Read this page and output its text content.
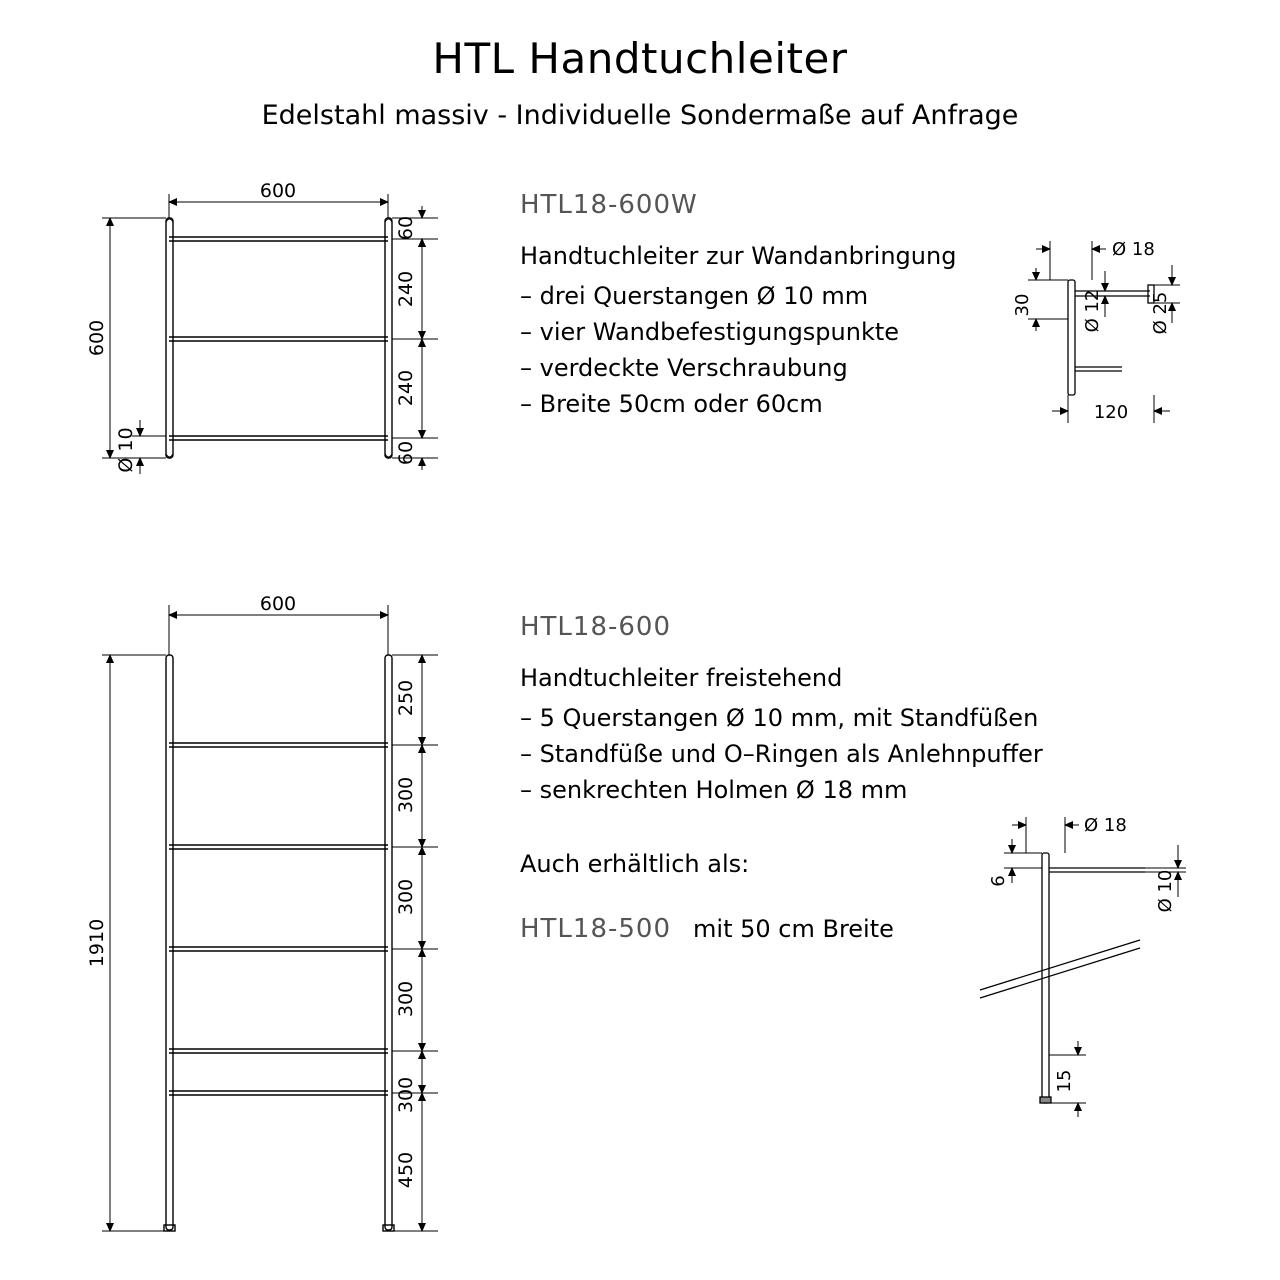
HTL Handtuchleiter
Edelstahl massiv - Individuelle Sondermaße auf Anfrage
600
600
Ø 10
60
240
240
60
HTL18-600W
Handtuchleiter zur Wandanbringung
– drei Querstangen Ø 10 mm
– vier Wandbefestigungspunkte
– verdeckte Verschraubung
– Breite 50cm oder 60cm
Ø 18
30	Ø 12	Ø 25
120
600
1910
250
300
300
300
300
450
HTL18-600
Handtuchleiter freistehend
– 5 Querstangen Ø 10 mm, mit Standfüßen
– Standfüße und O–Ringen als Anlehnpuffer
– senkrechten Holmen Ø 18 mm
Auch erhältlich als:
HTL18-500 mit 50 cm Breite
Ø 18
6	Ø 10
15
